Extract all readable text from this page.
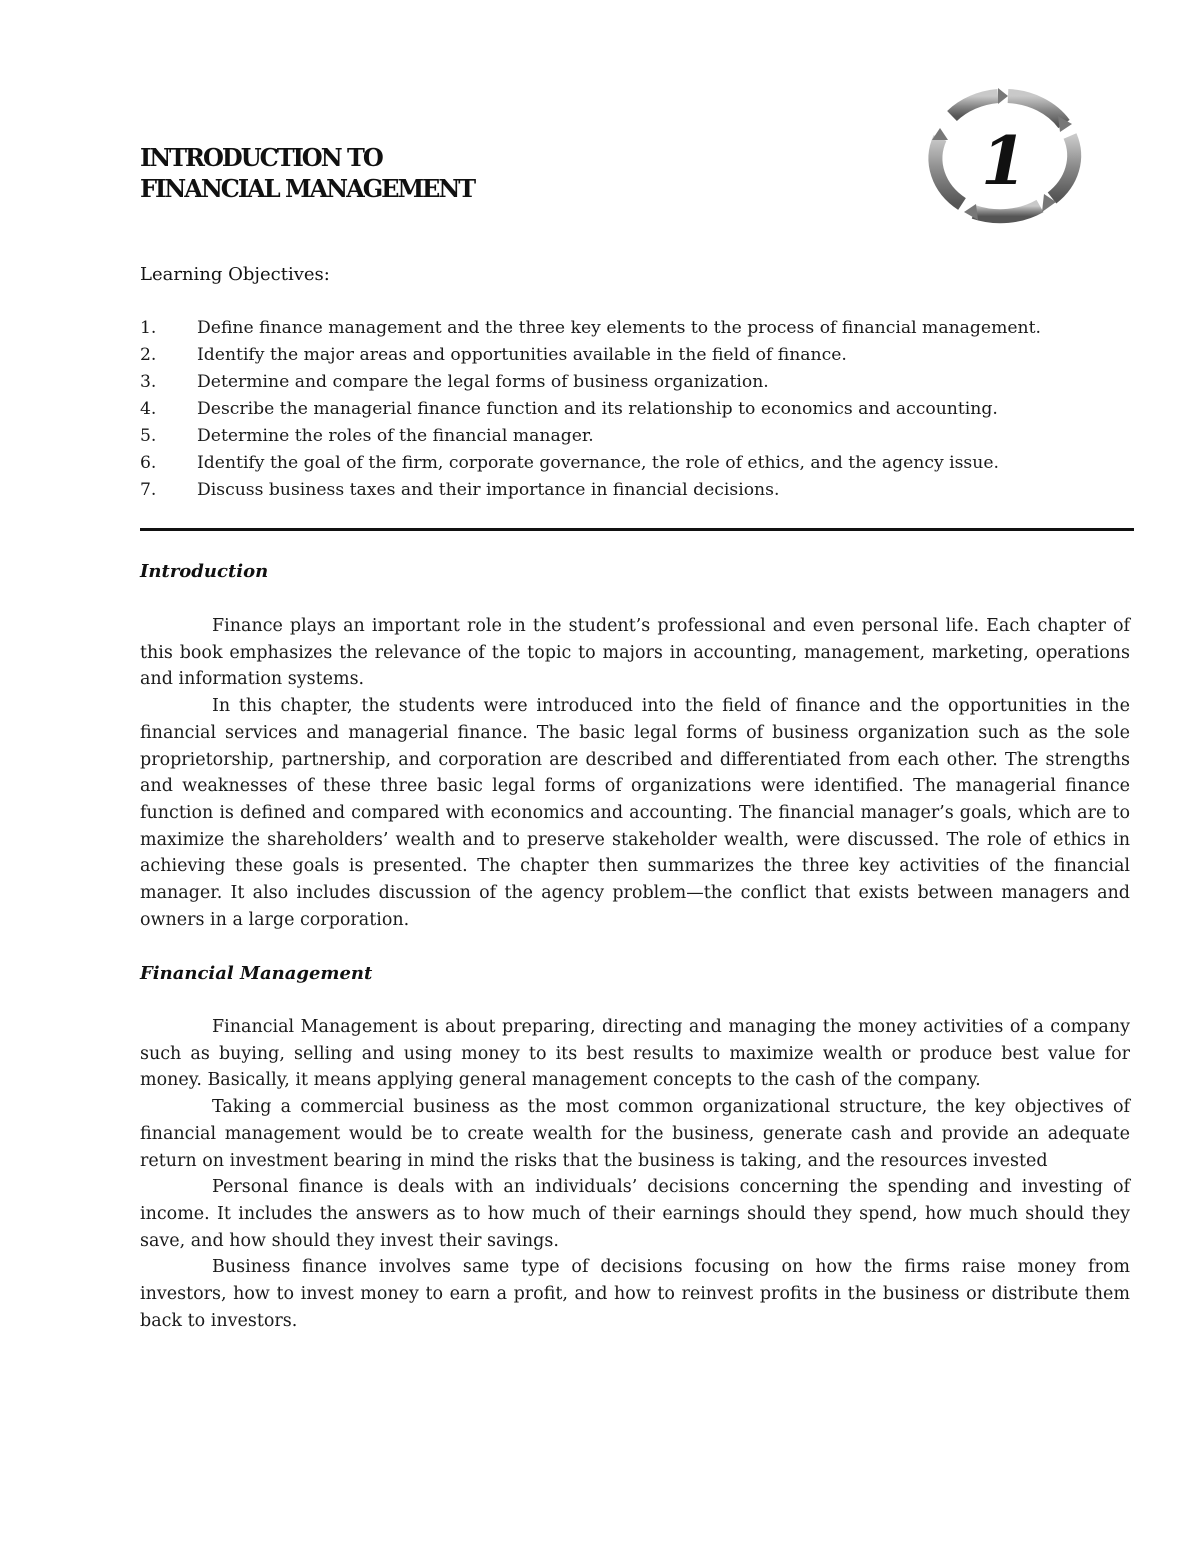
INTRODUCTION TO
FINANCIAL MANAGEMENT	1
Learning Objectives:
1.	Define finance management and the three key elements to the process of financial management.
2.	Identify the major areas and opportunities available in the field of finance.
3.	Determine and compare the legal forms of business organization.
4.	Describe the managerial finance function and its relationship to economics and accounting.
5.	Determine the roles of the financial manager.
6.	Identify the goal of the firm, corporate governance, the role of ethics, and the agency issue.
7.	Discuss business taxes and their importance in financial decisions.
Introduction

Finance plays an important role in the student’s professional and even personal life. Each chapter of this book emphasizes the relevance of the topic to majors in accounting, management, marketing, operations and information systems.

In this chapter, the students were introduced into the field of finance and the opportunities in the financial services and managerial finance. The basic legal forms of business organization such as the sole proprietorship, partnership, and corporation are described and differentiated from each other. The strengths and weaknesses of these three basic legal forms of organizations were identified. The managerial finance function is defined and compared with economics and accounting. The financial manager’s goals, which are to maximize the shareholders’ wealth and to preserve stakeholder wealth, were discussed. The role of ethics in achieving these goals is presented. The chapter then summarizes the three key activities of the financial manager. It also includes discussion of the agency problem—the conflict that exists between managers and owners in a large corporation.

Financial Management

Financial Management is about preparing, directing and managing the money activities of a company such as buying, selling and using money to its best results to maximize wealth or produce best value for money. Basically, it means applying general management concepts to the cash of the company.

Taking a commercial business as the most common organizational structure, the key objectives of financial management would be to create wealth for the business, generate cash and provide an adequate return on investment bearing in mind the risks that the business is taking, and the resources invested

Personal finance is deals with an individuals’ decisions concerning the spending and investing of income. It includes the answers as to how much of their earnings should they spend, how much should they save, and how should they invest their savings.

Business finance involves same type of decisions focusing on how the firms raise money from investors, how to invest money to earn a profit, and how to reinvest profits in the business or distribute them back to investors.
